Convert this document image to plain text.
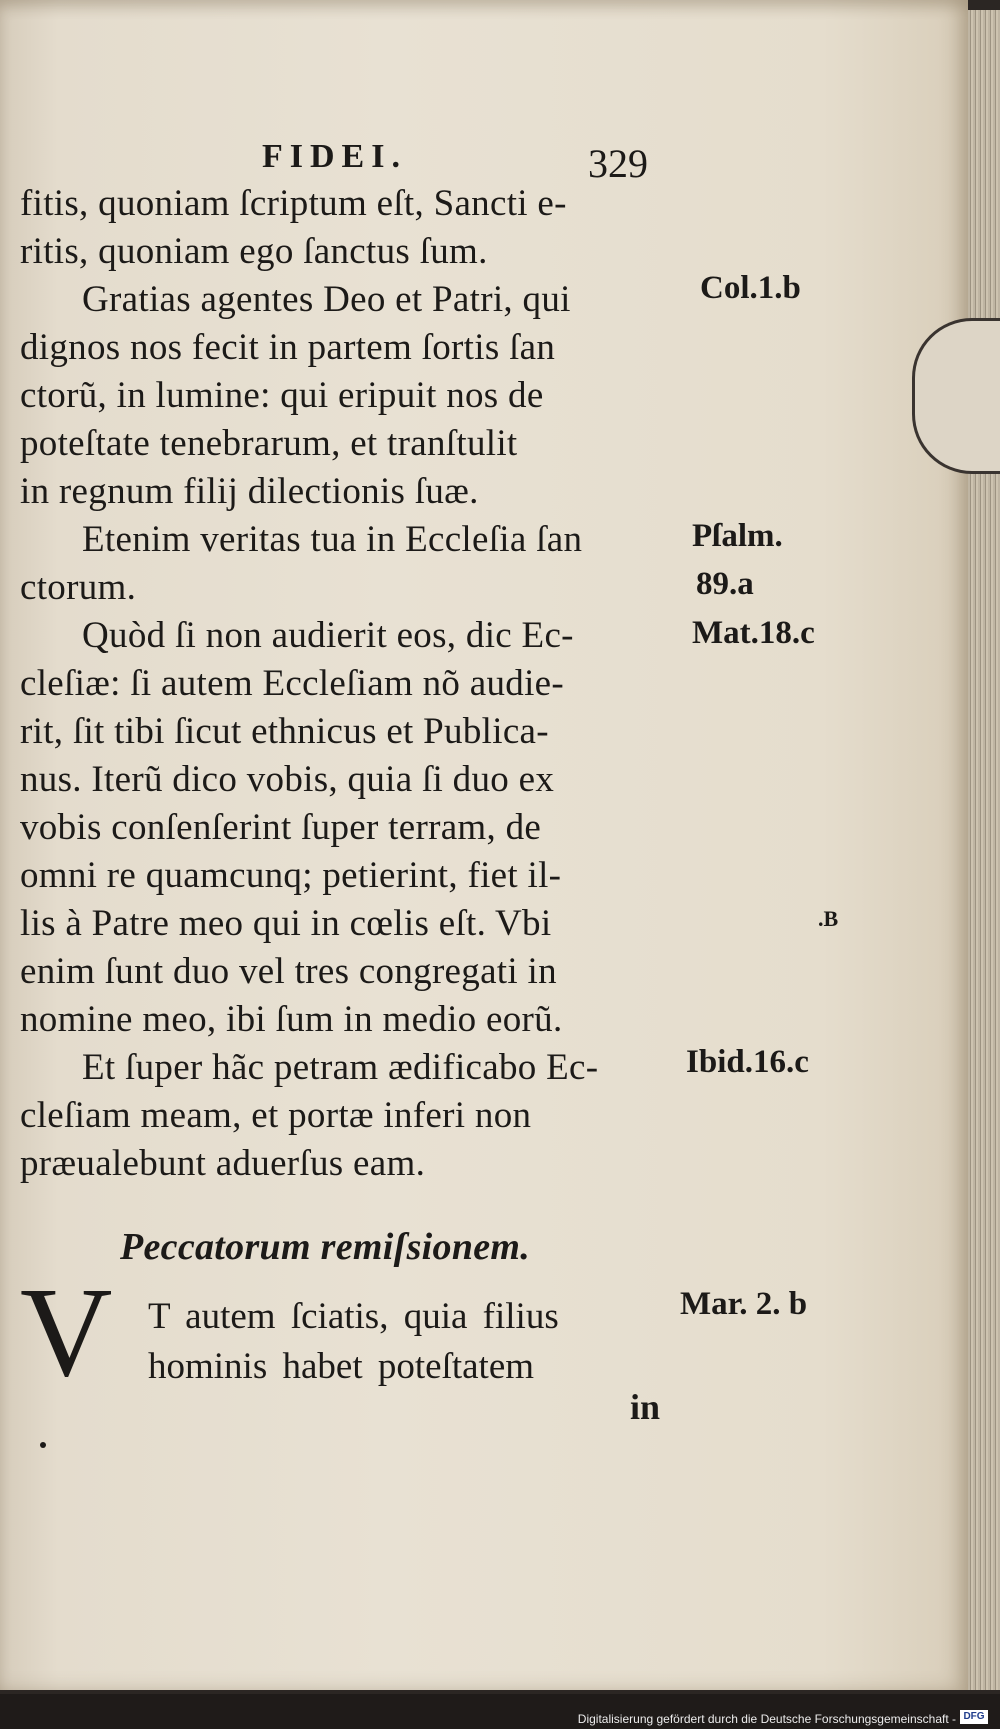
FIDEI.	329
fitis, quoniam ſcriptum eſt, Sancti e-
ritis, quoniam ego ſanctus ſum.
Gratias agentes Deo et Patri, qui
dignos nos fecit in partem ſortis ſan
ctorũ, in lumine: qui eripuit nos de
poteſtate tenebrarum, et tranſtulit
in regnum filij dilectionis ſuæ.
Etenim veritas tua in Eccleſia ſan
ctorum.
Quòd ſi non audierit eos, dic Ec-
cleſiæ: ſi autem Eccleſiam nõ audie-
rit, ſit tibi ſicut ethnicus et Publica-
nus. Iterũ dico vobis, quia ſi duo ex
vobis conſenſerint ſuper terram, de
omni re quamcunq; petierint, fiet il-
lis à Patre meo qui in cœlis eſt. Vbi
enim ſunt duo vel tres congregati in
nomine meo, ibi ſum in medio eorũ.
Et ſuper hãc petram ædificabo Ec-
cleſiam meam, et portæ inferi non
præualebunt aduerſus eam.
Col.1.b
Pſalm.
89.a
Mat.18.c
.B
Ibid.16.c
Mar. 2. b
Peccatorum remiſsionem.
V T autem ſciatis, quia filius
hominis habet poteſtatem
in
Digitalisierung gefördert durch die Deutsche Forschungsgemeinschaft - DFG
